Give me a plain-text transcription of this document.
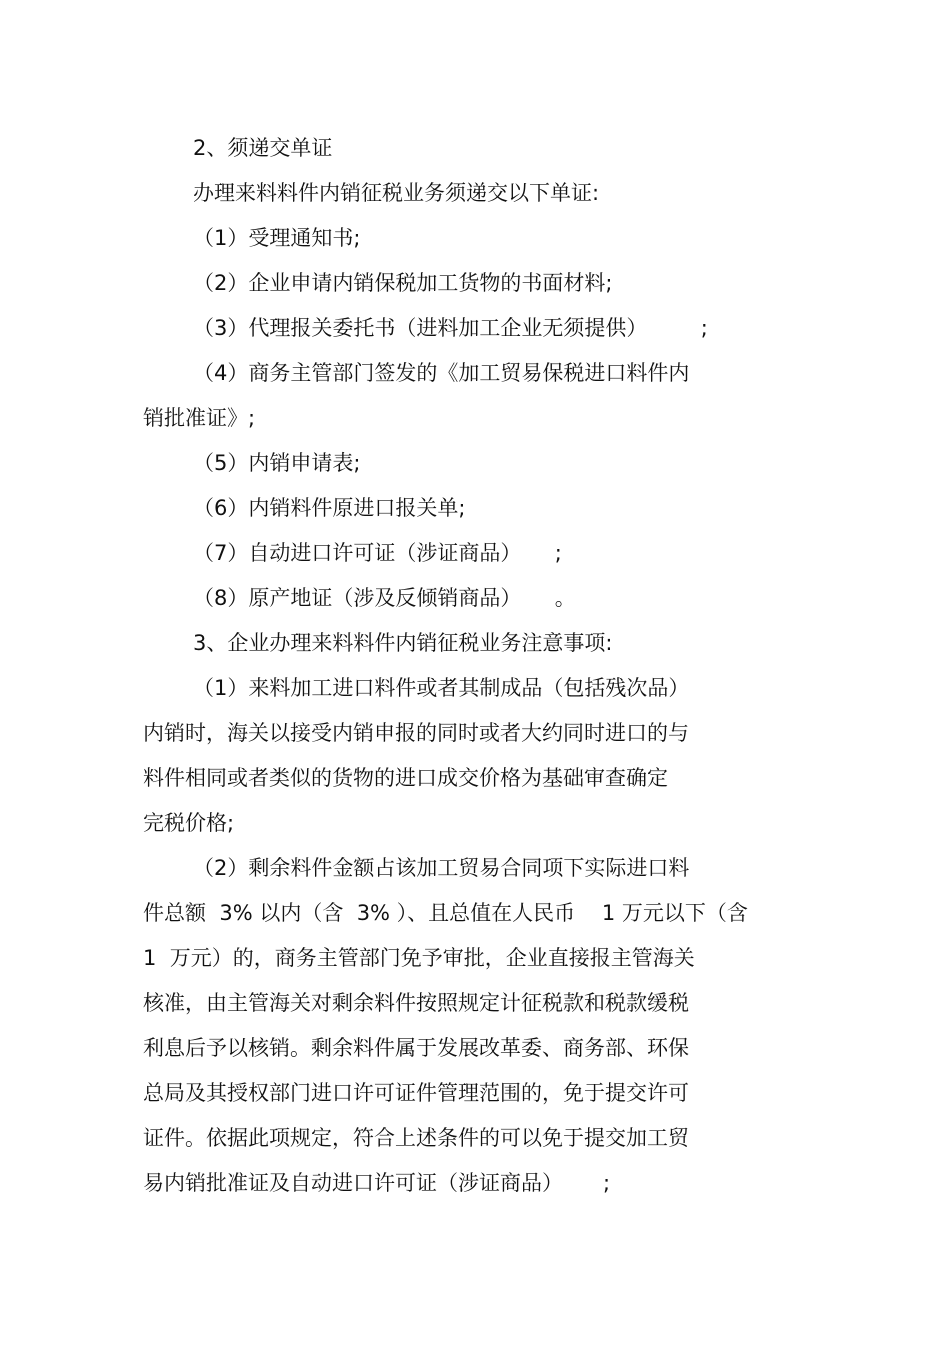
2、须递交单证
办理来料料件内销征税业务须递交以下单证:
（1）受理通知书;
（2）企业申请内销保税加工货物的书面材料;
（3）代理报关委托书（进料加工企业无须提供）        ;
（4）商务主管部门签发的《加工贸易保税进口料件内
销批准证》;
（5）内销申请表;
（6）内销料件原进口报关单;
（7）自动进口许可证（涉证商品）     ;
（8）原产地证（涉及反倾销商品）     。
3、企业办理来料料件内销征税业务注意事项:
（1）来料加工进口料件或者其制成品（包括残次品）
内销时，海关以接受内销申报的同时或者大约同时进口的与
料件相同或者类似的货物的进口成交价格为基础审查确定
完税价格;
（2）剩余料件金额占该加工贸易合同项下实际进口料
件总额  3% 以内（含  3% ）、且总值在人民币    1 万元以下（含
1  万元）的，商务主管部门免予审批，企业直接报主管海关
核准，由主管海关对剩余料件按照规定计征税款和税款缓税
利息后予以核销。剩余料件属于发展改革委、商务部、环保
总局及其授权部门进口许可证件管理范围的，免于提交许可
证件。依据此项规定，符合上述条件的可以免于提交加工贸
易内销批准证及自动进口许可证（涉证商品）      ;
